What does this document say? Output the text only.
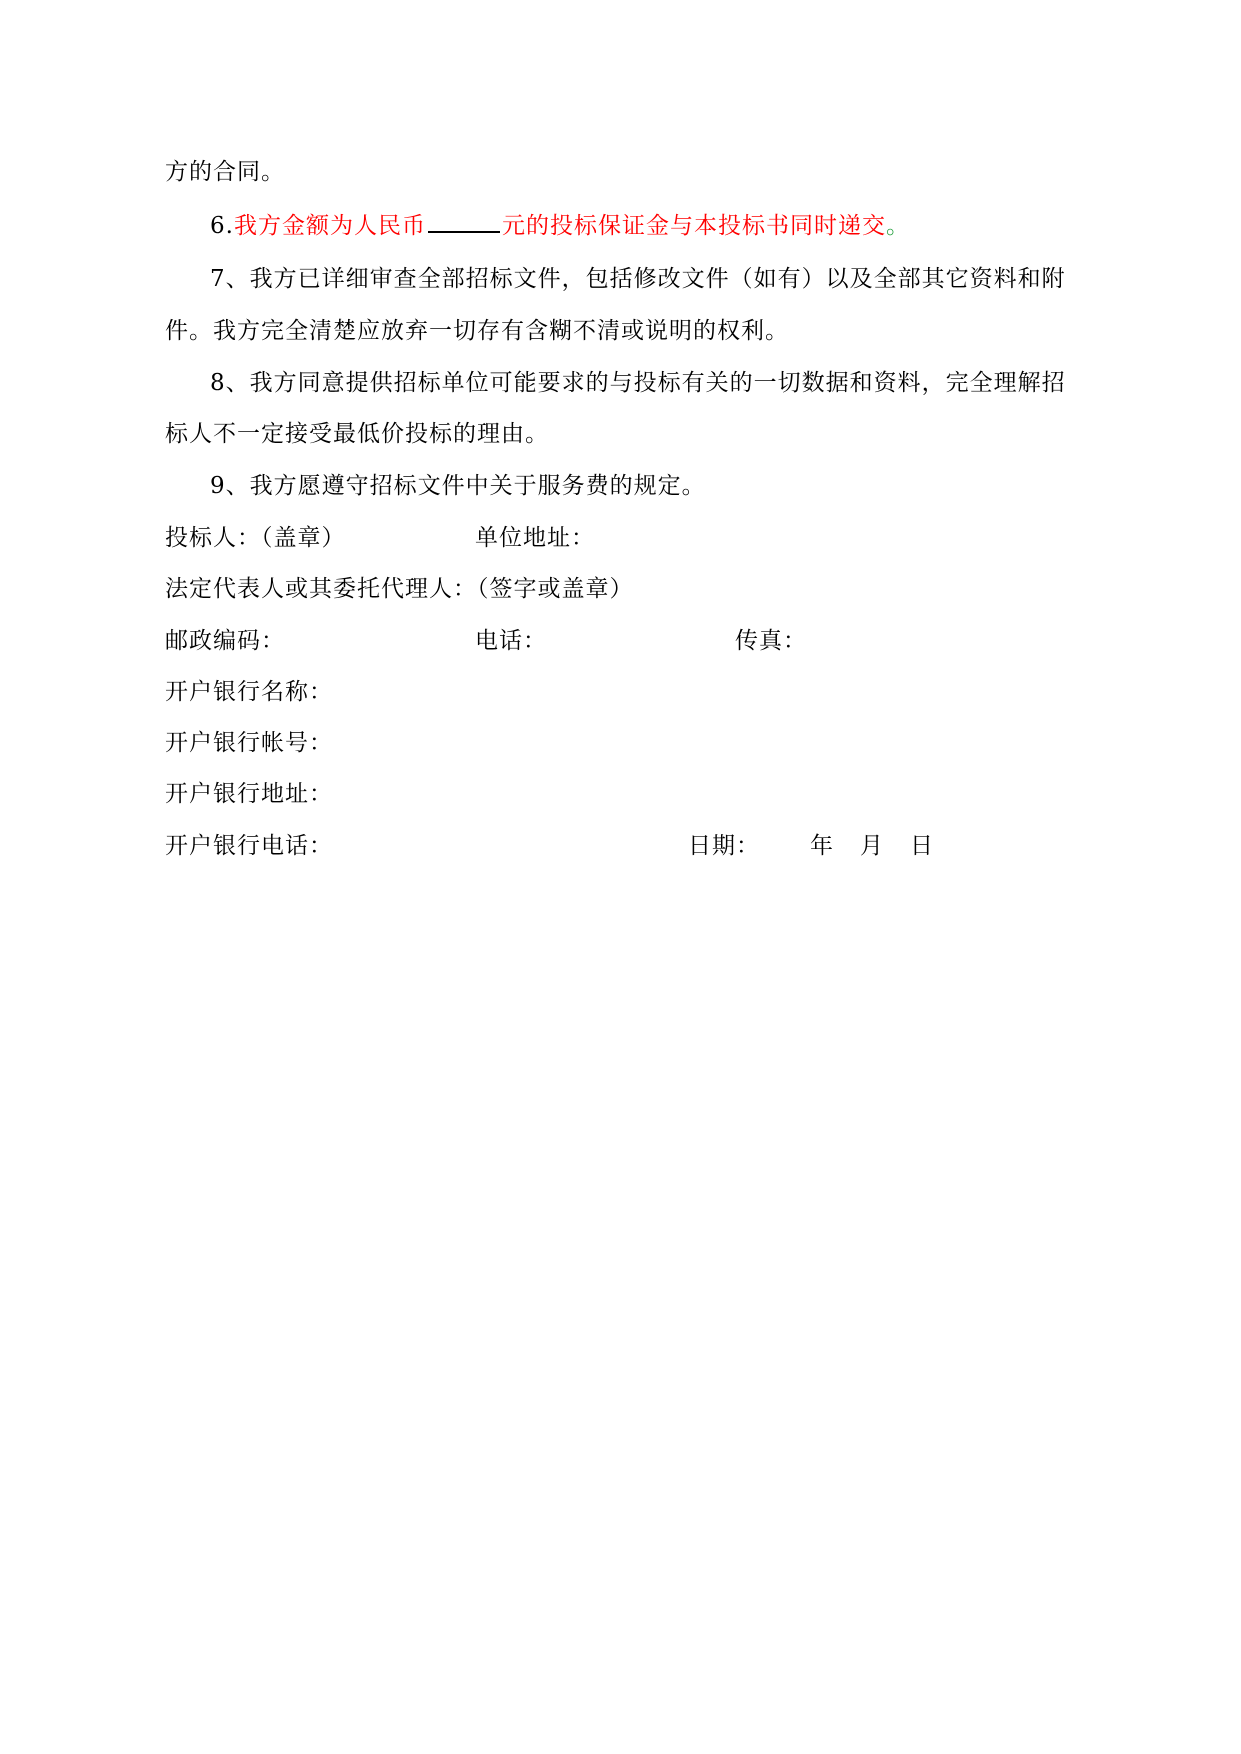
方的合同。
6.我方金额为人民币	元的投标保证金与本投标书同时递交。
7、我方已详细审查全部招标文件，包括修改文件（如有）以及全部其它资料和附
件。我方完全清楚应放弃一切存有含糊不清或说明的权利。
8、我方同意提供招标单位可能要求的与投标有关的一切数据和资料，完全理解招
标人不一定接受最低价投标的理由。
9、我方愿遵守招标文件中关于服务费的规定。
投标人：（盖章）	单位地址：
法定代表人或其委托代理人：（签字或盖章）
邮政编码：	电话：	传真：
开户银行名称：
开户银行帐号：
开户银行地址：
开户银行电话：	日期： 年 月 日
